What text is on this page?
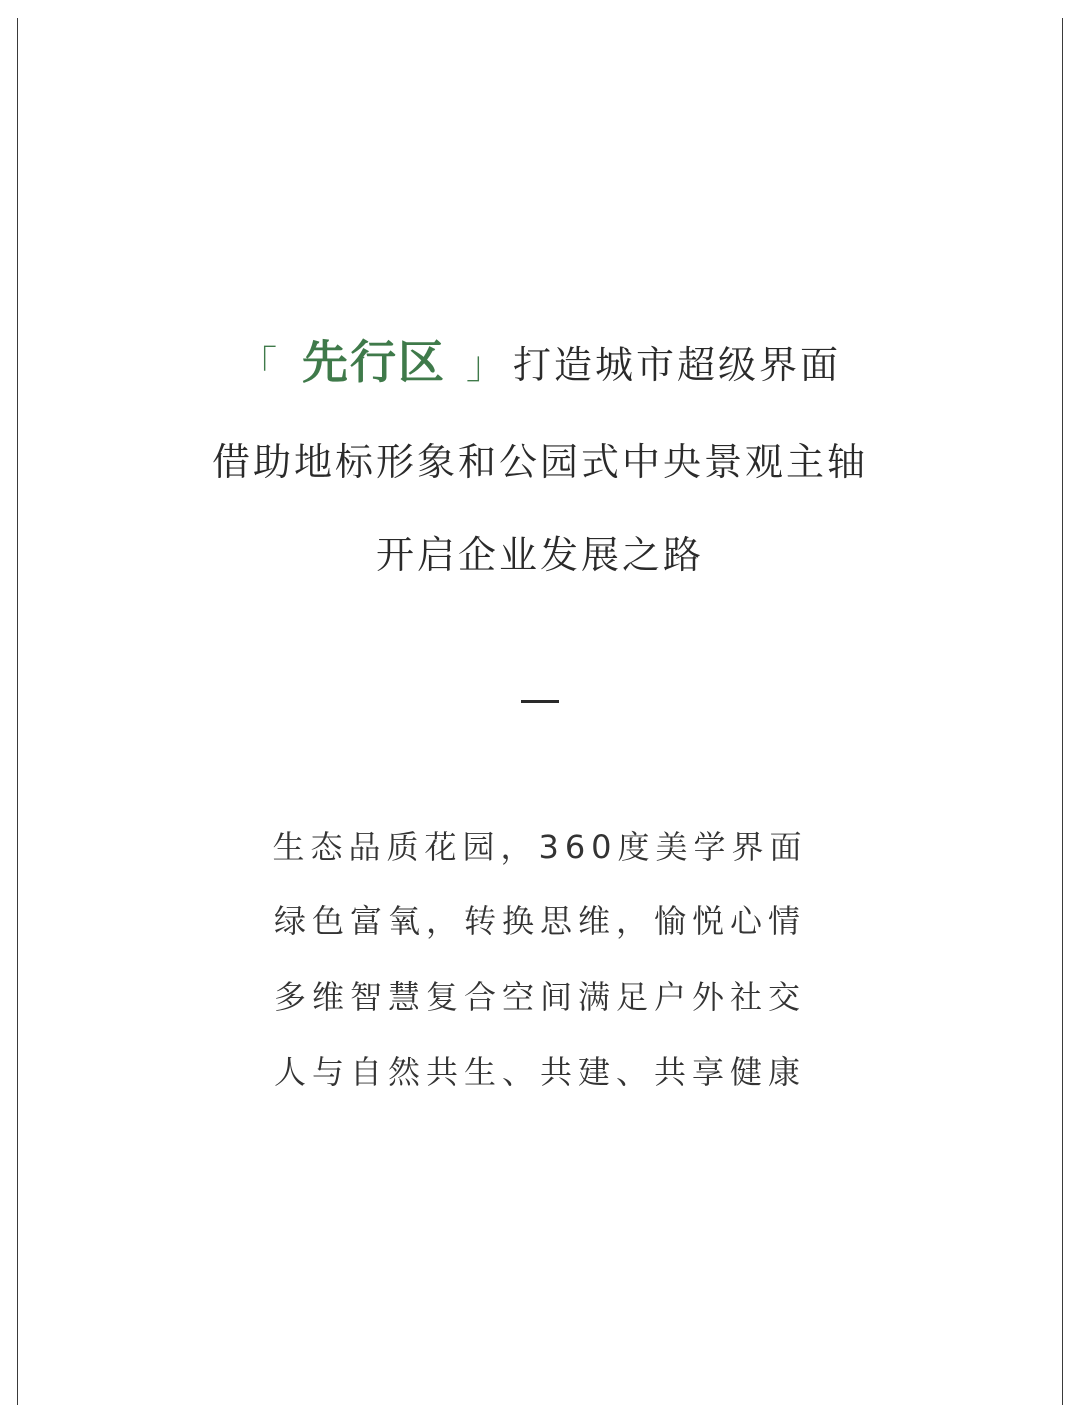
「 先行区 」 打造城市超级界面
借助地标形象和公园式中央景观主轴
开启企业发展之路
生态品质花园，360度美学界面
绿色富氧，转换思维，愉悦心情
多维智慧复合空间满足户外社交
人与自然共生、共建、共享健康
